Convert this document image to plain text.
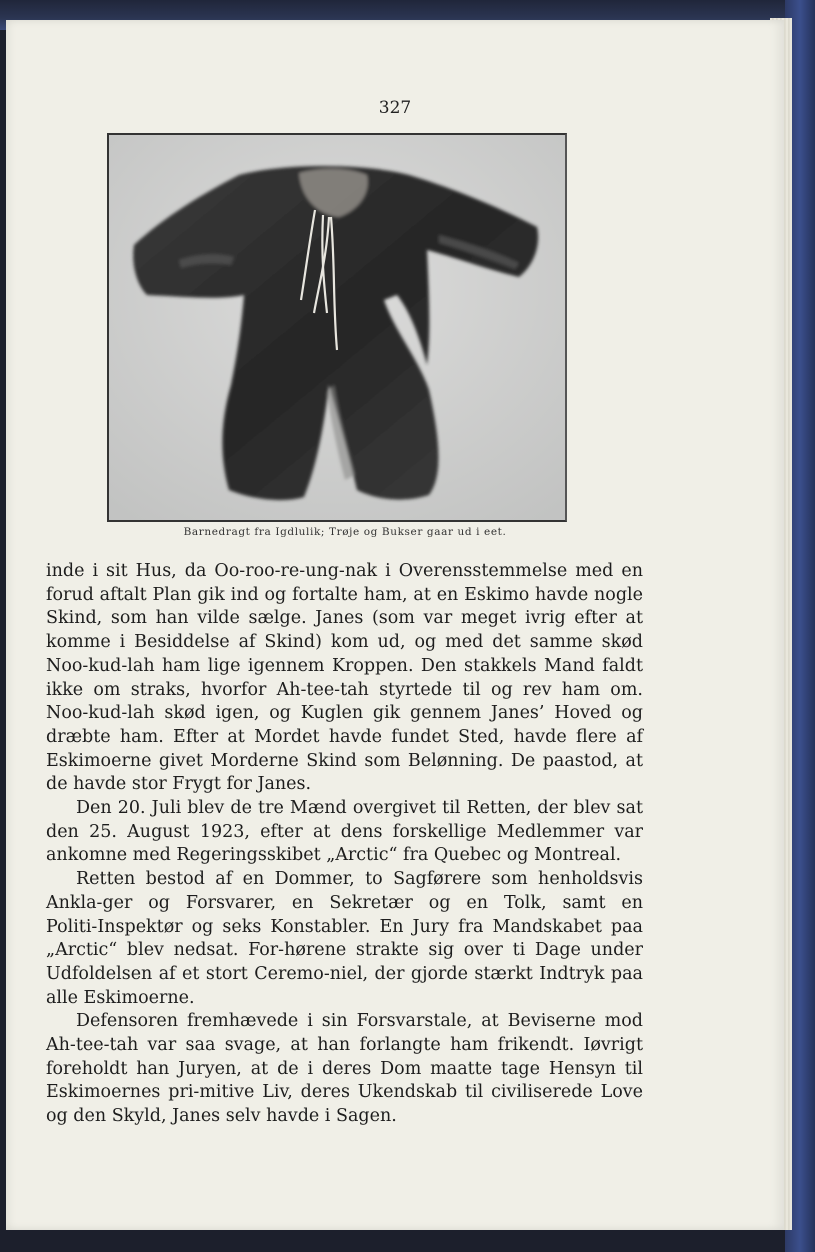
327
Barnedragt fra Igdlulik; Trøje og Bukser gaar ud i eet.

inde i sit Hus, da Oo‑roo‑re‑ung‑nak i Overensstemmelse med en forud aftalt Plan gik ind og fortalte ham, at en Eskimo havde nogle Skind, som han vilde sælge. Janes (som var meget ivrig efter at komme i Besiddelse af Skind) kom ud, og med det samme skød Noo‑kud‑lah ham lige igennem Kroppen. Den stakkels Mand faldt ikke om straks, hvorfor Ah‑tee‑tah styrtede til og rev ham om. Noo‑kud‑lah skød igen, og Kuglen gik gennem Janes’ Hoved og dræbte ham. Efter at Mordet havde fundet Sted, havde flere af Eskimoerne givet Morderne Skind som Belønning. De paastod, at de havde stor Frygt for Janes.

Den 20. Juli blev de tre Mænd overgivet til Retten, der blev sat den 25. August 1923, efter at dens forskellige Medlemmer var ankomne med Regeringsskibet „Arctic“ fra Quebec og Montreal.

Retten bestod af en Dommer, to Sagførere som henholdsvis Ankla‑ger og Forsvarer, en Sekretær og en Tolk, samt en Politi‑Inspektør og seks Konstabler. En Jury fra Mandskabet paa „Arctic“ blev nedsat. For‑hørene strakte sig over ti Dage under Udfoldelsen af et stort Ceremo‑niel, der gjorde stærkt Indtryk paa alle Eskimoerne.

Defensoren fremhævede i sin Forsvarstale, at Beviserne mod Ah‑tee‑tah var saa svage, at han forlangte ham frikendt. Iøvrigt foreholdt han Juryen, at de i deres Dom maatte tage Hensyn til Eskimoernes pri‑mitive Liv, deres Ukendskab til civiliserede Love og den Skyld, Janes selv havde i Sagen.
